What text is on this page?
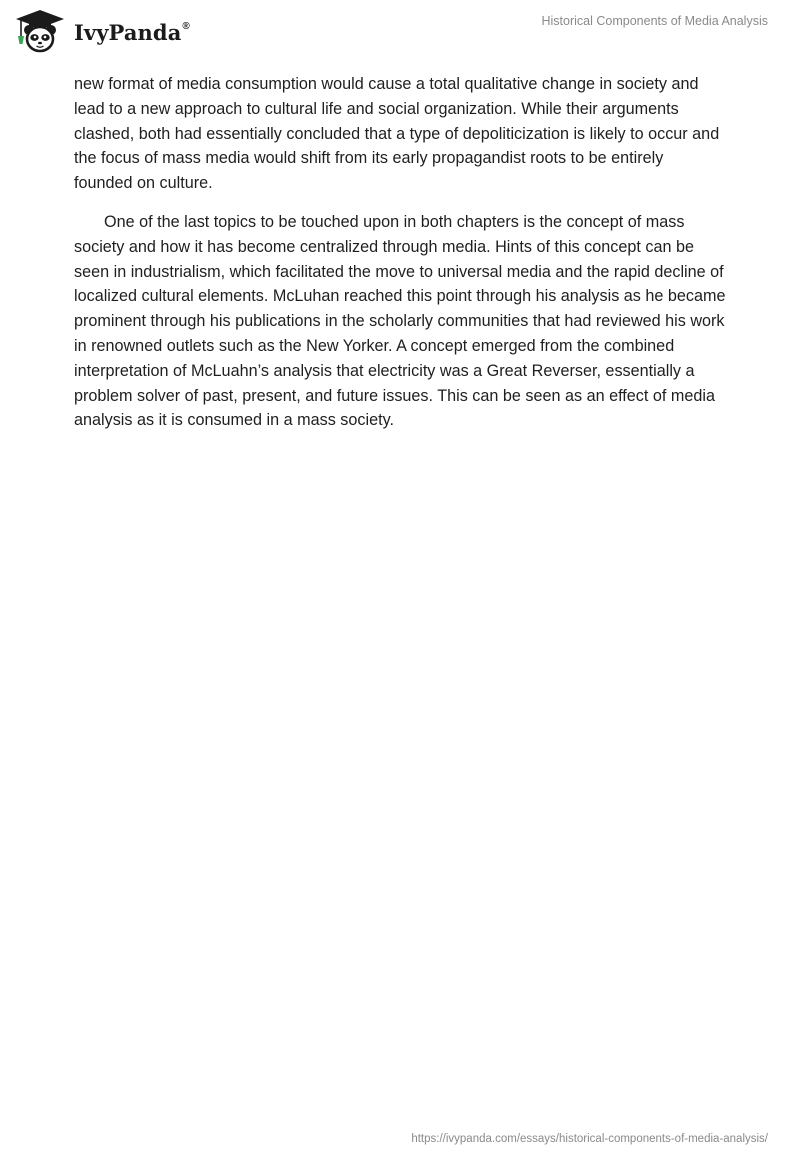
IvyPanda®	Historical Components of Media Analysis

new format of media consumption would cause a total qualitative change in society and lead to a new approach to cultural life and social organization. While their arguments clashed, both had essentially concluded that a type of depoliticization is likely to occur and the focus of mass media would shift from its early propagandist roots to be entirely founded on culture.

One of the last topics to be touched upon in both chapters is the concept of mass society and how it has become centralized through media. Hints of this concept can be seen in industrialism, which facilitated the move to universal media and the rapid decline of localized cultural elements. McLuhan reached this point through his analysis as he became prominent through his publications in the scholarly communities that had reviewed his work in renowned outlets such as the New Yorker. A concept emerged from the combined interpretation of McLuahn’s analysis that electricity was a Great Reverser, essentially a problem solver of past, present, and future issues. This can be seen as an effect of media analysis as it is consumed in a mass society.

https://ivypanda.com/essays/historical-components-of-media-analysis/
